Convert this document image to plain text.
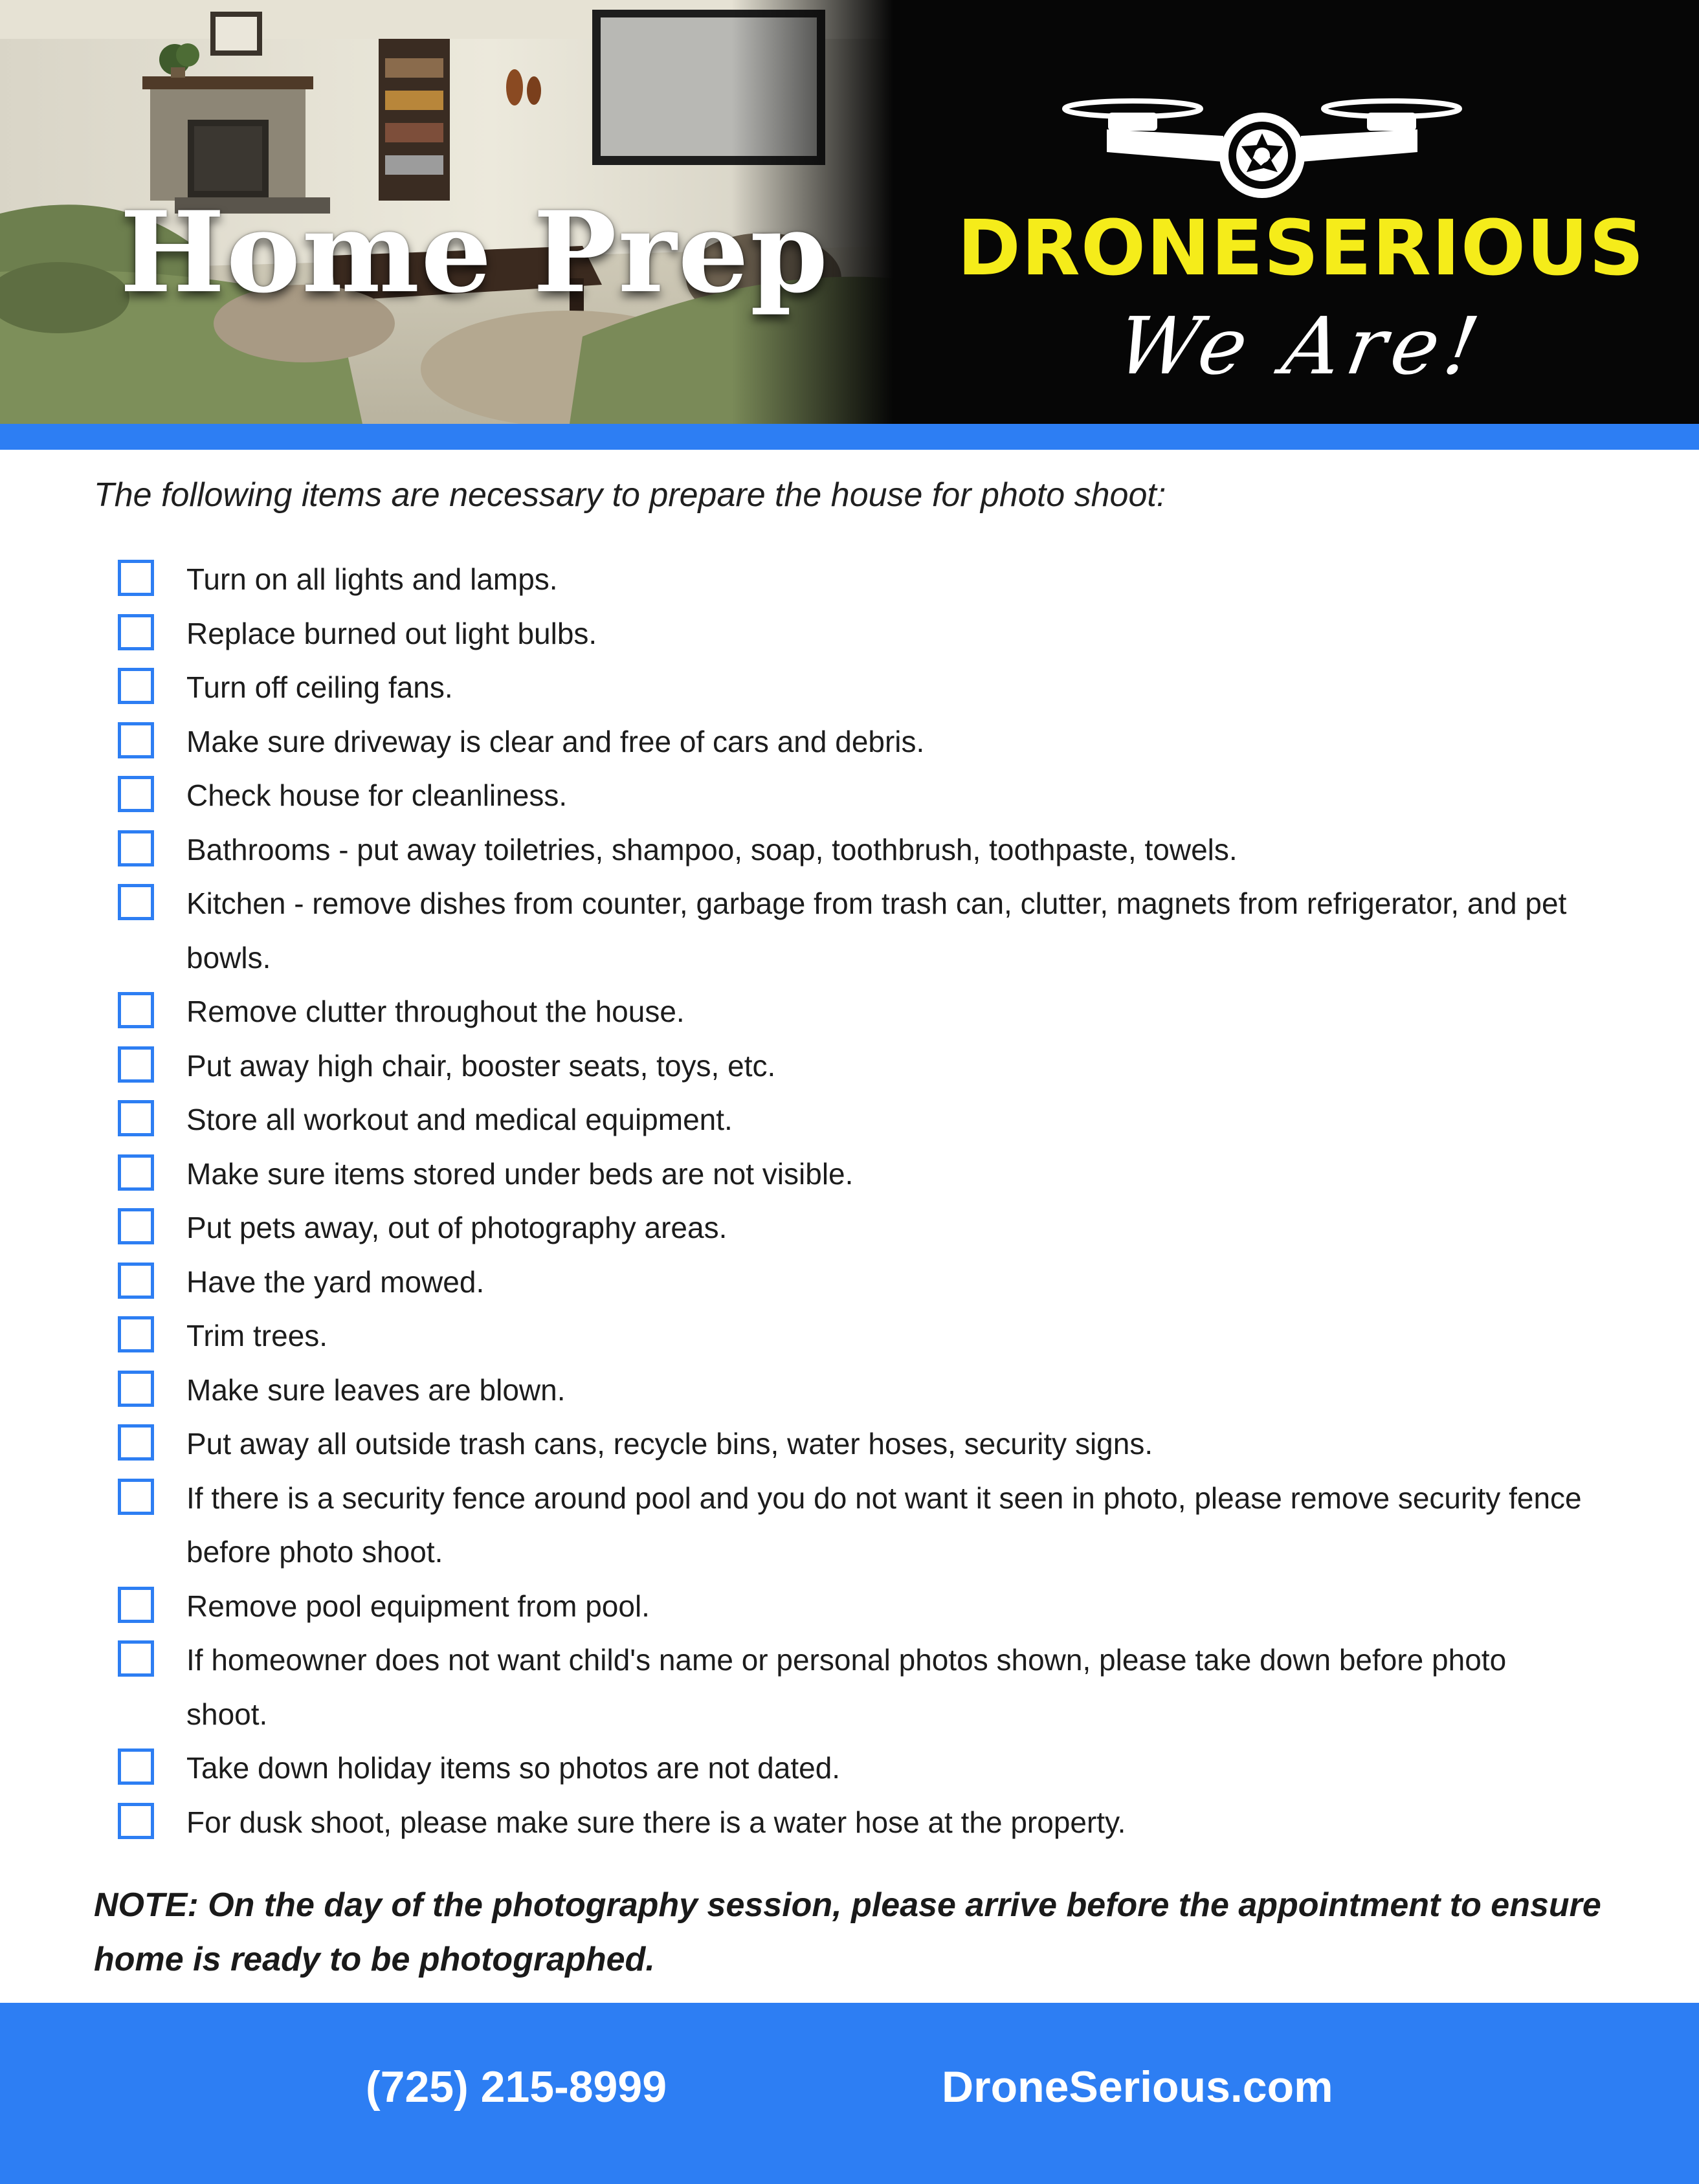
Home Prep DRONESERIOUS
We Are!
The following items are necessary to prepare the house for photo shoot:
Turn on all lights and lamps.
Replace burned out light bulbs.
Turn off ceiling fans.
Make sure driveway is clear and free of cars and debris.
Check house for cleanliness.
Bathrooms - put away toiletries, shampoo, soap, toothbrush, toothpaste, towels.
Kitchen - remove dishes from counter, garbage from trash can, clutter, magnets from refrigerator, and pet bowls.
Remove clutter throughout the house.
Put away high chair, booster seats, toys, etc.
Store all workout and medical equipment.
Make sure items stored under beds are not visible.
Put pets away, out of photography areas.
Have the yard mowed.
Trim trees.
Make sure leaves are blown.
Put away all outside trash cans, recycle bins, water hoses, security signs.
If there is a security fence around pool and you do not want it seen in photo, please remove security fence before photo shoot.
Remove pool equipment from pool.
If homeowner does not want child's name or personal photos shown, please take down before photo shoot.
Take down holiday items so photos are not dated.
For dusk shoot, please make sure there is a water hose at the property.
NOTE: On the day of the photography session, please arrive before the appointment to ensure home is ready to be photographed.
(725) 215-8999	DroneSerious.com
